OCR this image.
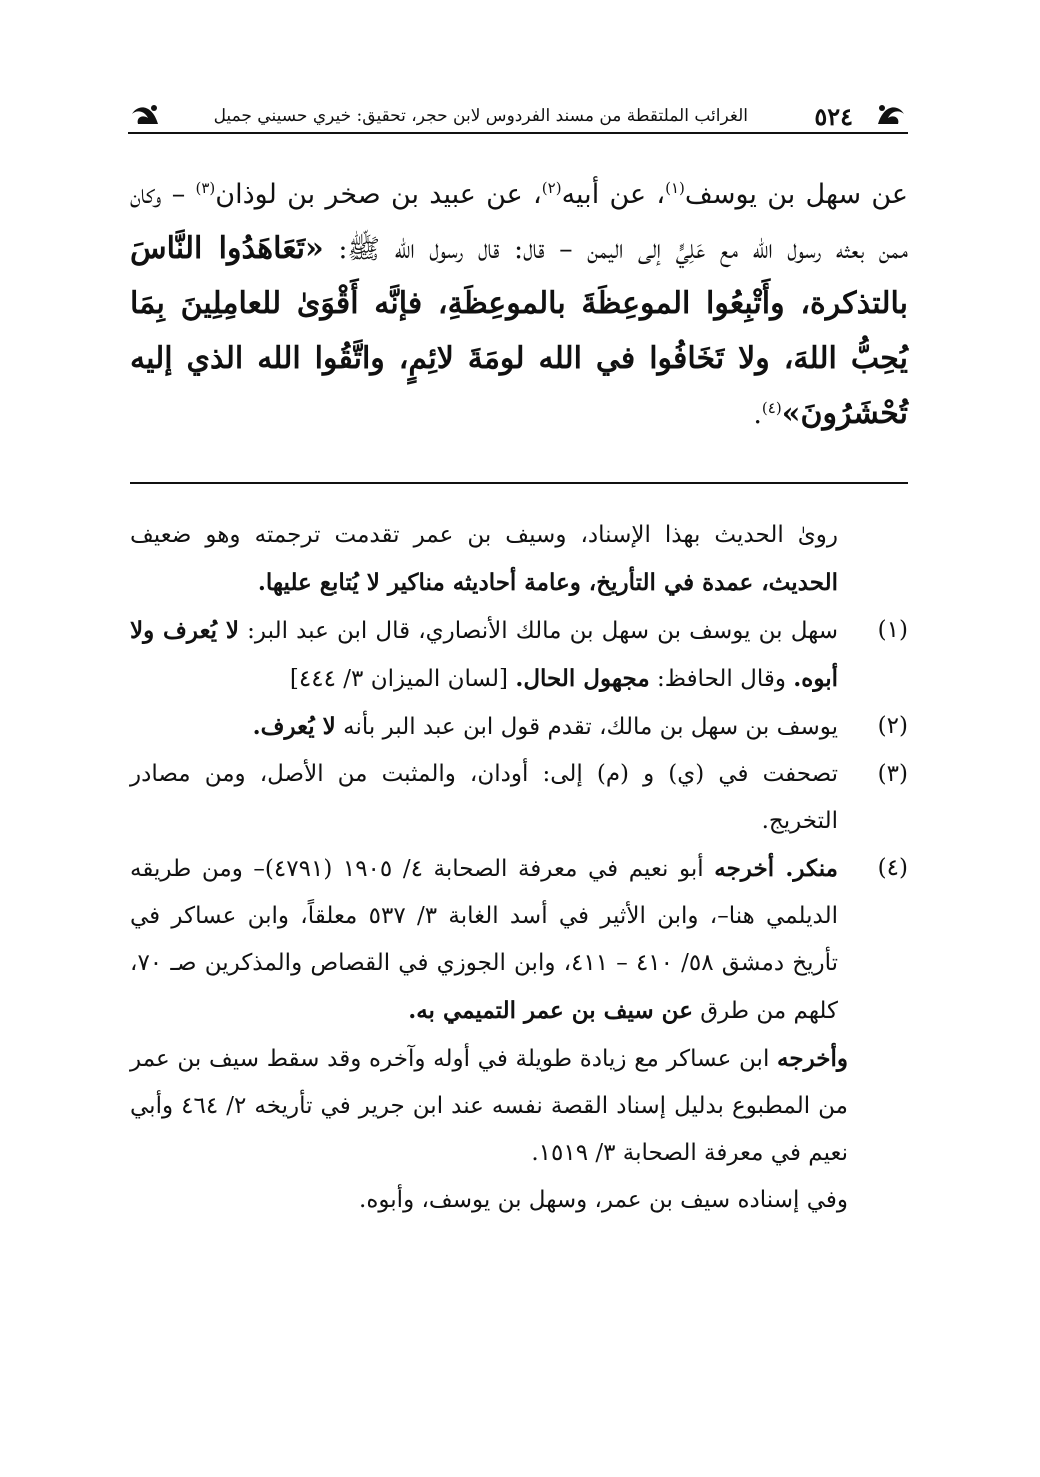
٥٢٤
الغرائب الملتقطة من مسند الفردوس لابن حجر، تحقيق: خيري حسيني جميل
عن سهل بن يوسف$^{(١)}$، عن أبيه$^{(٢)}$، عن عبيد بن صخر بن لوذان$^{(٣)}$ – وكان ممن بعثه رسول الله مع عَلِيٍّ إلى اليمن – قال: قال رسول الله ﷺ: «تَعَاهَدُوا النَّاسَ بالتذكرة، وأَتْبِعُوا الموعِظَةَ بالموعِظَةِ، فإنَّه أَقْوَىٰ للعامِلِينَ بِمَا يُحِبُّ اللهَ، ولا تَخَافُوا في الله لومَةَ لائِمٍ، واتَّقُوا الله الذي إليه تُحْشَرُونَ»$^{(٤)}$.
روىٰ الحديث بهذا الإسناد، وسيف بن عمر تقدمت ترجمته وهو ضعيف الحديث، عمدة في التأريخ، وعامة أحاديثه مناكير لا يُتابع عليها.
(١)
سهل بن يوسف بن سهل بن مالك الأنصاري، قال ابن عبد البر: لا يُعرف ولا أبوه. وقال الحافظ: مجهول الحال. [لسان الميزان ٣/ ٤٤٤]
(٢)
يوسف بن سهل بن مالك، تقدم قول ابن عبد البر بأنه لا يُعرف.
(٣)
تصحفت في (ي) و (م) إلى: أودان، والمثبت من الأصل، ومن مصادر التخريج.
(٤)
منكر. أخرجه أبو نعيم في معرفة الصحابة ٤/ ١٩٠٥ (٤٧٩١)– ومن طريقه الديلمي هنا–، وابن الأثير في أسد الغابة ٣/ ٥٣٧ معلقاً، وابن عساكر في تأريخ دمشق ٥٨/ ٤١٠ – ٤١١، وابن الجوزي في القصاص والمذكرين صـ ٧٠، كلهم من طرق عن سيف بن عمر التميمي به.
وأخرجه ابن عساكر مع زيادة طويلة في أوله وآخره وقد سقط سيف بن عمر من المطبوع بدليل إسناد القصة نفسه عند ابن جرير في تأريخه ٢/ ٤٦٤ وأبي نعيم في معرفة الصحابة ٣/ ١٥١٩.
وفي إسناده سيف بن عمر، وسهل بن يوسف، وأبوه.
